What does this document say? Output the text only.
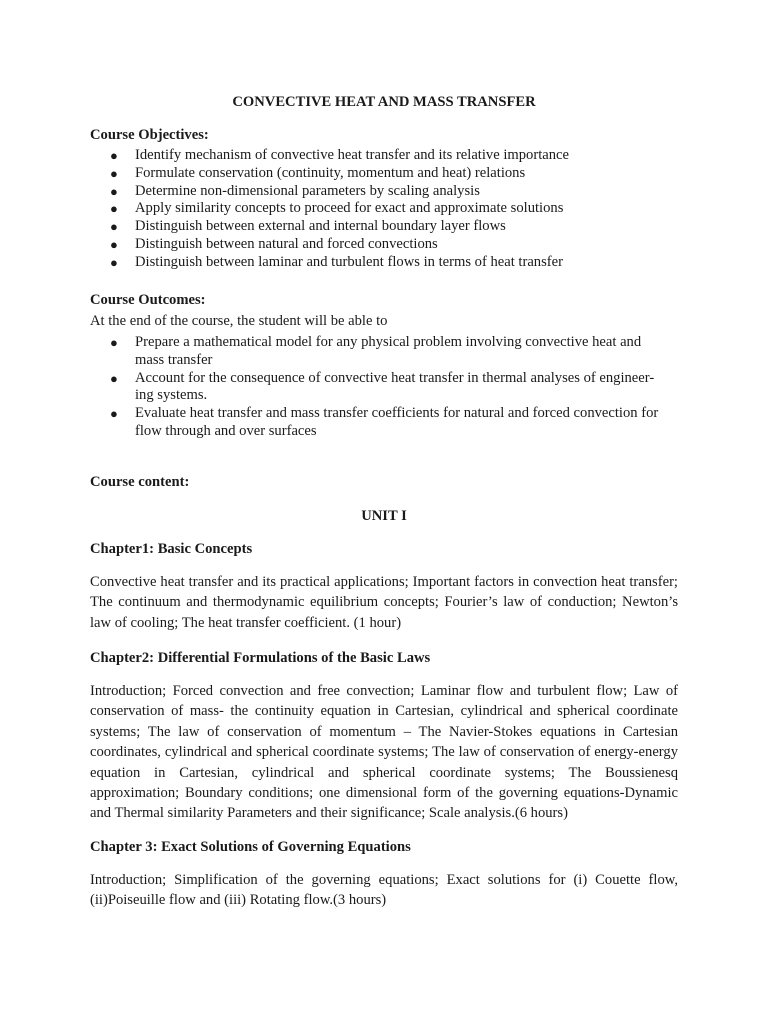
CONVECTIVE HEAT AND MASS TRANSFER
Course Objectives:
● Identify mechanism of convective heat transfer and its relative importance
● Formulate conservation (continuity, momentum and heat) relations
● Determine non-dimensional parameters by scaling analysis
● Apply similarity concepts to proceed for exact and approximate solutions
● Distinguish between external and internal boundary layer flows
● Distinguish between natural and forced convections
● Distinguish between laminar and turbulent flows in terms of heat transfer
Course Outcomes:
At the end of the course, the student will be able to
● Prepare a mathematical model for any physical problem involving convective heat and mass transfer
● Account for the consequence of convective heat transfer in thermal analyses of engineer-ing systems.
● Evaluate heat transfer and mass transfer coefficients for natural and forced convection for flow through and over surfaces
Course content:
UNIT I
Chapter1: Basic Concepts
Convective heat transfer and its practical applications; Important factors in convection heat transfer; The continuum and thermodynamic equilibrium concepts; Fourier’s law of conduction; Newton’s law of cooling; The heat transfer coefficient. (1 hour)
Chapter2: Differential Formulations of the Basic Laws
Introduction; Forced convection and free convection; Laminar flow and turbulent flow; Law of conservation of mass- the continuity equation in Cartesian, cylindrical and spherical coordinate systems; The law of conservation of momentum – The Navier-Stokes equations in Cartesian coordinates, cylindrical and spherical coordinate systems; The law of conservation of energy-energy equation in Cartesian, cylindrical and spherical coordinate systems; The Boussienesq approximation; Boundary conditions; one dimensional form of the governing equations-Dynamic and Thermal similarity Parameters and their significance; Scale analysis.(6 hours)
Chapter 3: Exact Solutions of Governing Equations
Introduction; Simplification of the governing equations; Exact solutions for (i) Couette flow, (ii)Poiseuille flow and (iii) Rotating flow.(3 hours)
